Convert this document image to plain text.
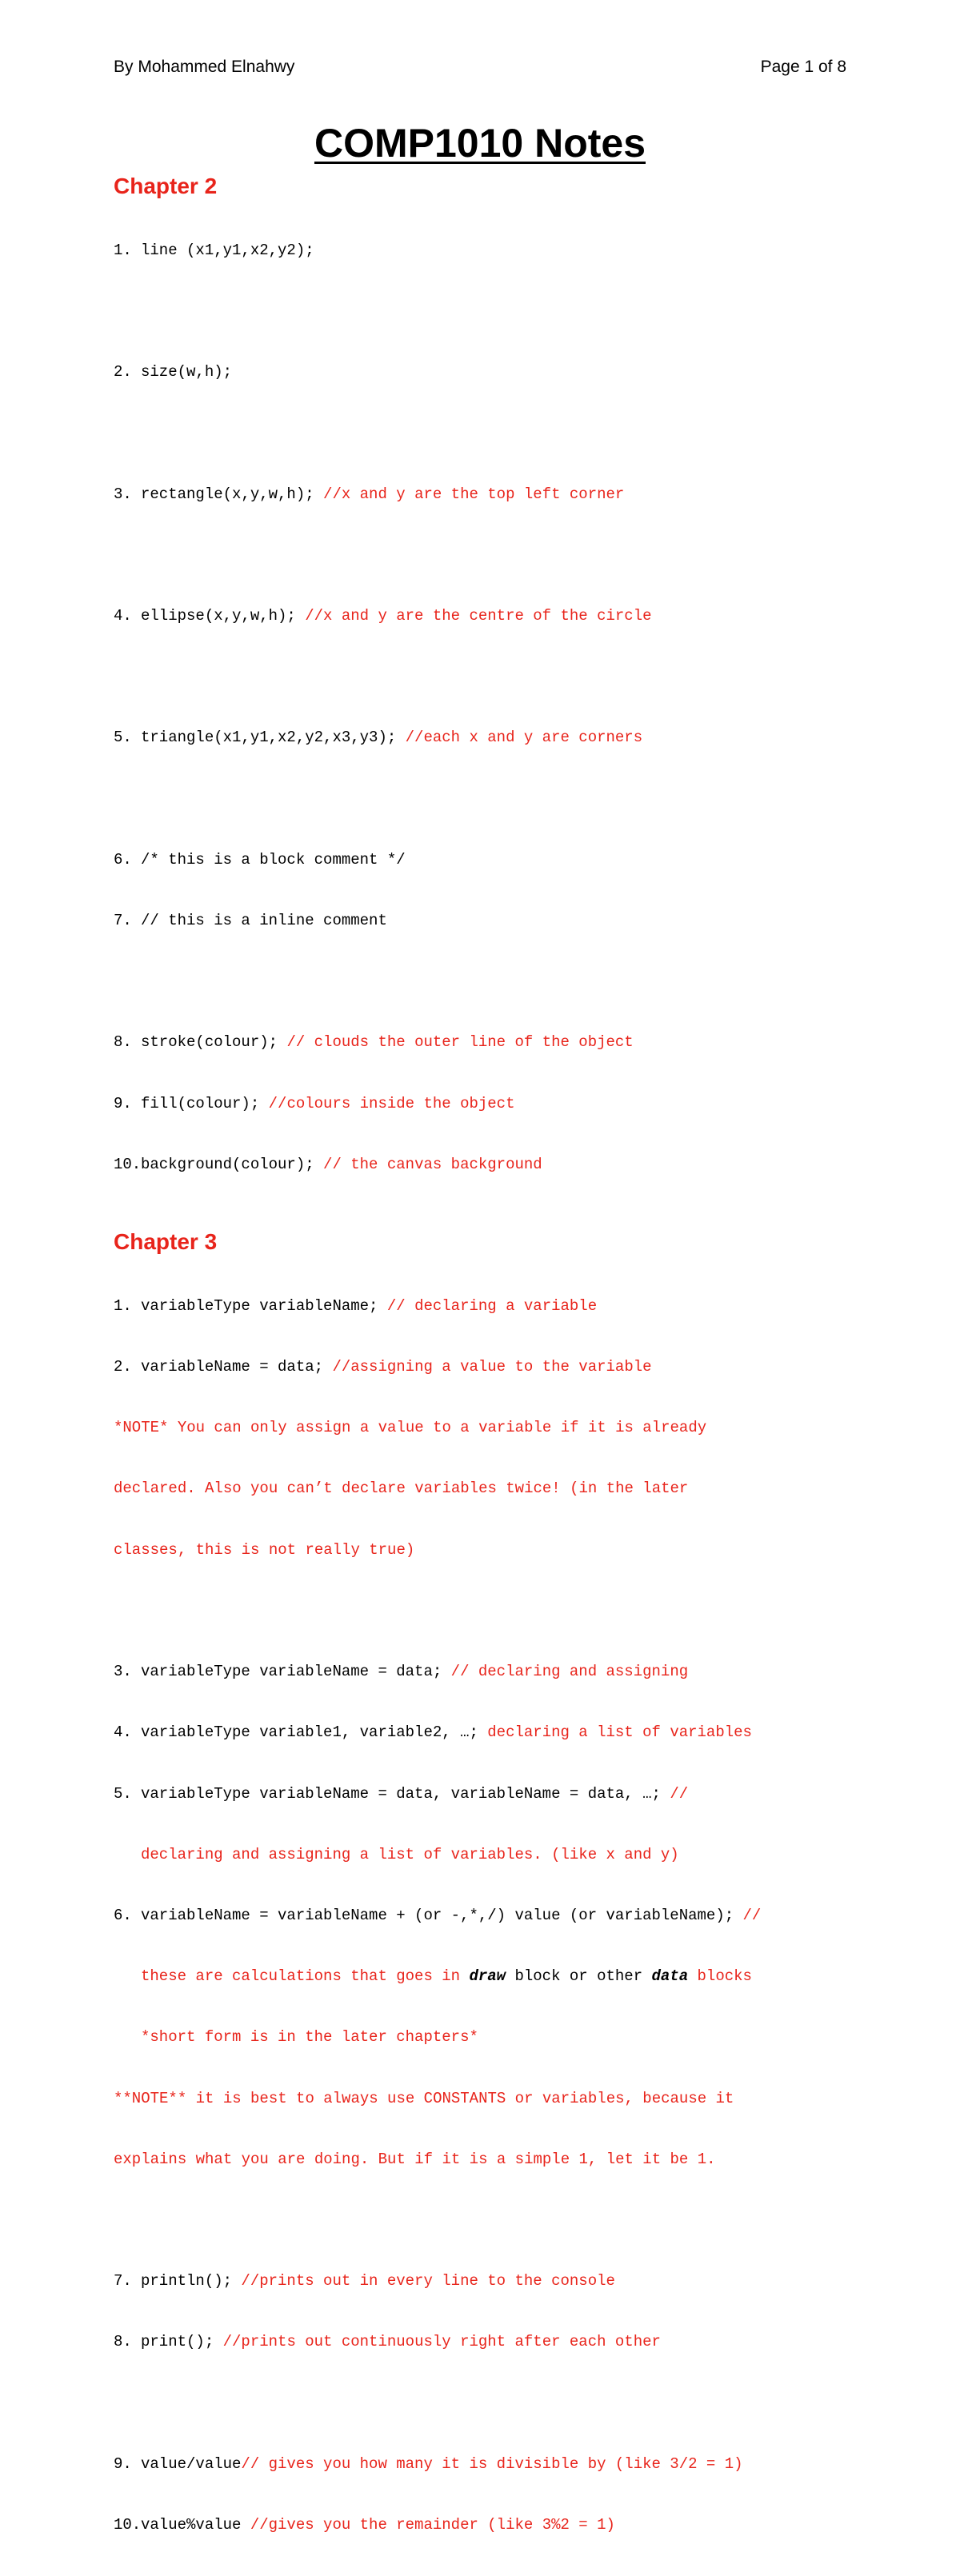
By Mohammed Elnahwy	Page 1 of 8
COMP1010 Notes
Chapter 2

1. line (x1,y1,x2,y2);

2. size(w,h);

3. rectangle(x,y,w,h); //x and y are the top left corner

4. ellipse(x,y,w,h); //x and y are the centre of the circle

5. triangle(x1,y1,x2,y2,x3,y3); //each x and y are corners

6. /* this is a block comment */

7. // this is a inline comment

8. stroke(colour); // clouds the outer line of the object

9. fill(colour); //colours inside the object

10.background(colour); // the canvas background

Chapter 3

1. variableType variableName; // declaring a variable

2. variableName = data; //assigning a value to the variable

*NOTE* You can only assign a value to a variable if it is already

declared. Also you can’t declare variables twice! (in the later

classes, this is not really true)

3. variableType variableName = data; // declaring and assigning

4. variableType variable1, variable2, …; declaring a list of variables

5. variableType variableName = data, variableName = data, …; //

declaring and assigning a list of variables. (like x and y)

6. variableName = variableName + (or -,*,/) value (or variableName); //

these are calculations that goes in draw block or other data blocks

*short form is in the later chapters*

**NOTE** it is best to always use CONSTANTS or variables, because it

explains what you are doing. But if it is a simple 1, let it be 1.

7. println(); //prints out in every line to the console

8. print(); //prints out continuously right after each other

9. value/value// gives you how many it is divisible by (like 3/2 = 1)

10.value%value //gives you the remainder (like 3%2 = 1)
